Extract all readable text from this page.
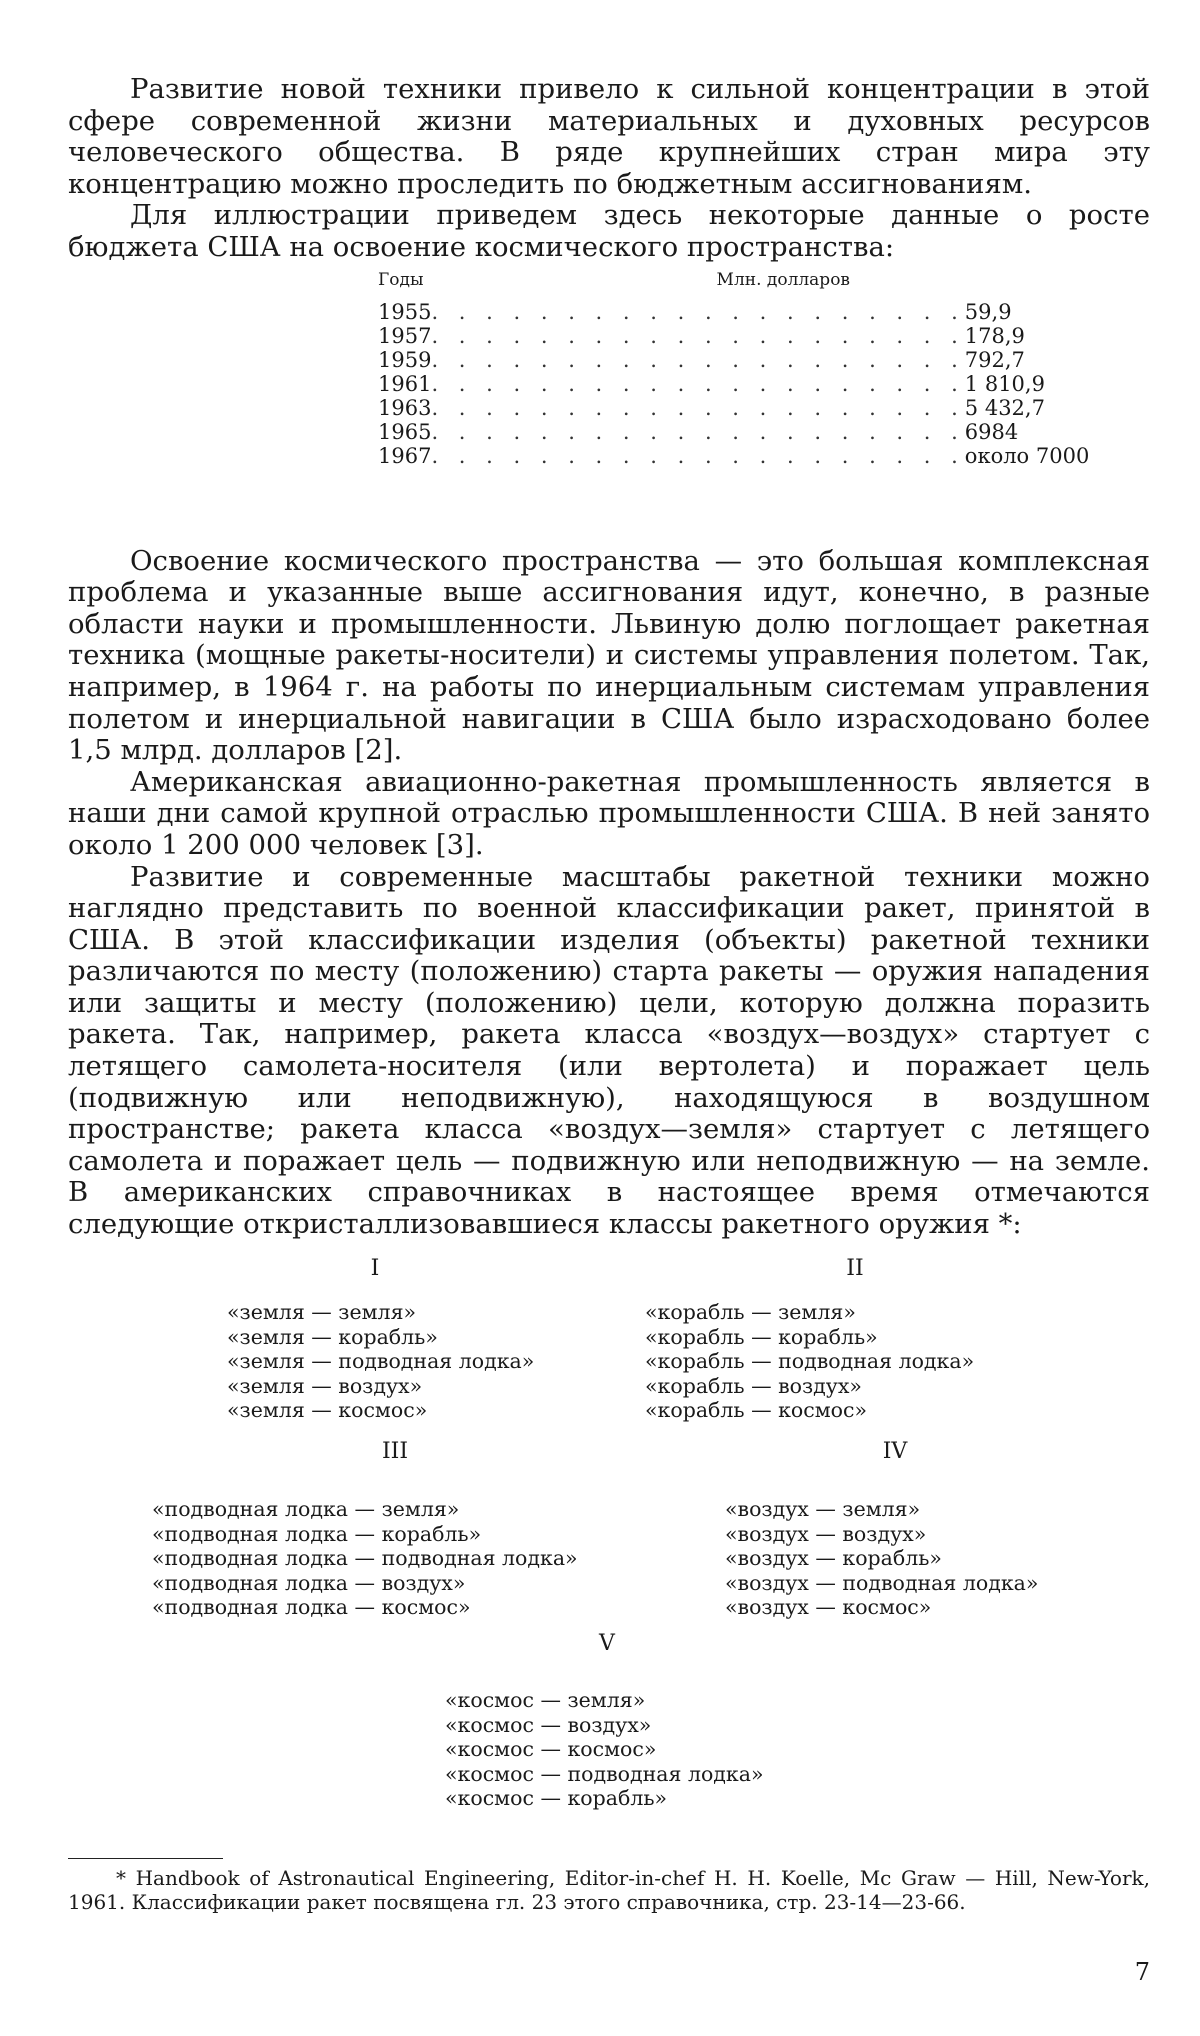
Развитие новой техники привело к сильной концентрации в этой сфере современной жизни материальных и духовных ресурсов человеческого общества. В ряде крупнейших стран мира эту концентрацию можно проследить по бюджетным ассигнованиям.

Для иллюстрации приведем здесь некоторые данные о росте бюджета США на освоение космического пространства:

Годы	Млн. долларов
1955 . . . . . . . . . . . . . . . . . . . . 59,9
1957 . . . . . . . . . . . . . . . . . . . . 178,9
1959 . . . . . . . . . . . . . . . . . . . . 792,7
1961 . . . . . . . . . . . . . . . . . . . . 1 810,9
1963 . . . . . . . . . . . . . . . . . . . . 5 432,7
1965 . . . . . . . . . . . . . . . . . . . . 6984
1967 . . . . . . . . . . . . . . . . . . . . около 7000

Освоение космического пространства — это большая комплексная проблема и указанные выше ассигнования идут, конечно, в разные области науки и промышленности. Львиную долю поглощает ракетная техника (мощные ракеты-носители) и системы управления полетом. Так, например, в 1964 г. на работы по инерциальным системам управления полетом и инерциальной навигации в США было израсходовано более 1,5 млрд. долларов [2].

Американская авиационно-ракетная промышленность является в наши дни самой крупной отраслью промышленности США. В ней занято около 1 200 000 человек [3].

Развитие и современные масштабы ракетной техники можно наглядно представить по военной классификации ракет, принятой в США. В этой классификации изделия (объекты) ракетной техники различаются по месту (положению) старта ракеты — оружия нападения или защиты и месту (положению) цели, которую должна поразить ракета. Так, например, ракета класса «воздух—воздух» стартует с летящего самолета-носителя (или вертолета) и поражает цель (подвижную или неподвижную), находящуюся в воздушном пространстве; ракета класса «воздух—земля» стартует с летящего самолета и поражает цель — подвижную или неподвижную — на земле. В американских справочниках в настоящее время отмечаются следующие откристаллизовавшиеся классы ракетного оружия *:

I
«земля — земля»
«земля — корабль»
«земля — подводная лодка»
«земля — воздух»
«земля — космос»
II
«корабль — земля»
«корабль — корабль»
«корабль — подводная лодка»
«корабль — воздух»
«корабль — космос»
III
«подводная лодка — земля»
«подводная лодка — корабль»
«подводная лодка — подводная лодка»
«подводная лодка — воздух»
«подводная лодка — космос»
IV
«воздух — земля»
«воздух — воздух»
«воздух — корабль»
«воздух — подводная лодка»
«воздух — космос»
V
«космос — земля»
«космос — воздух»
«космос — космос»
«космос — подводная лодка»
«космос — корабль»
* Handbook of Astronautical Engineering, Editor-in-chef H. H. Koelle, Mc Graw — Hill, New-York, 1961. Классификации ракет посвящена гл. 23 этого справочника, стр. 23-14—23-66.
7
